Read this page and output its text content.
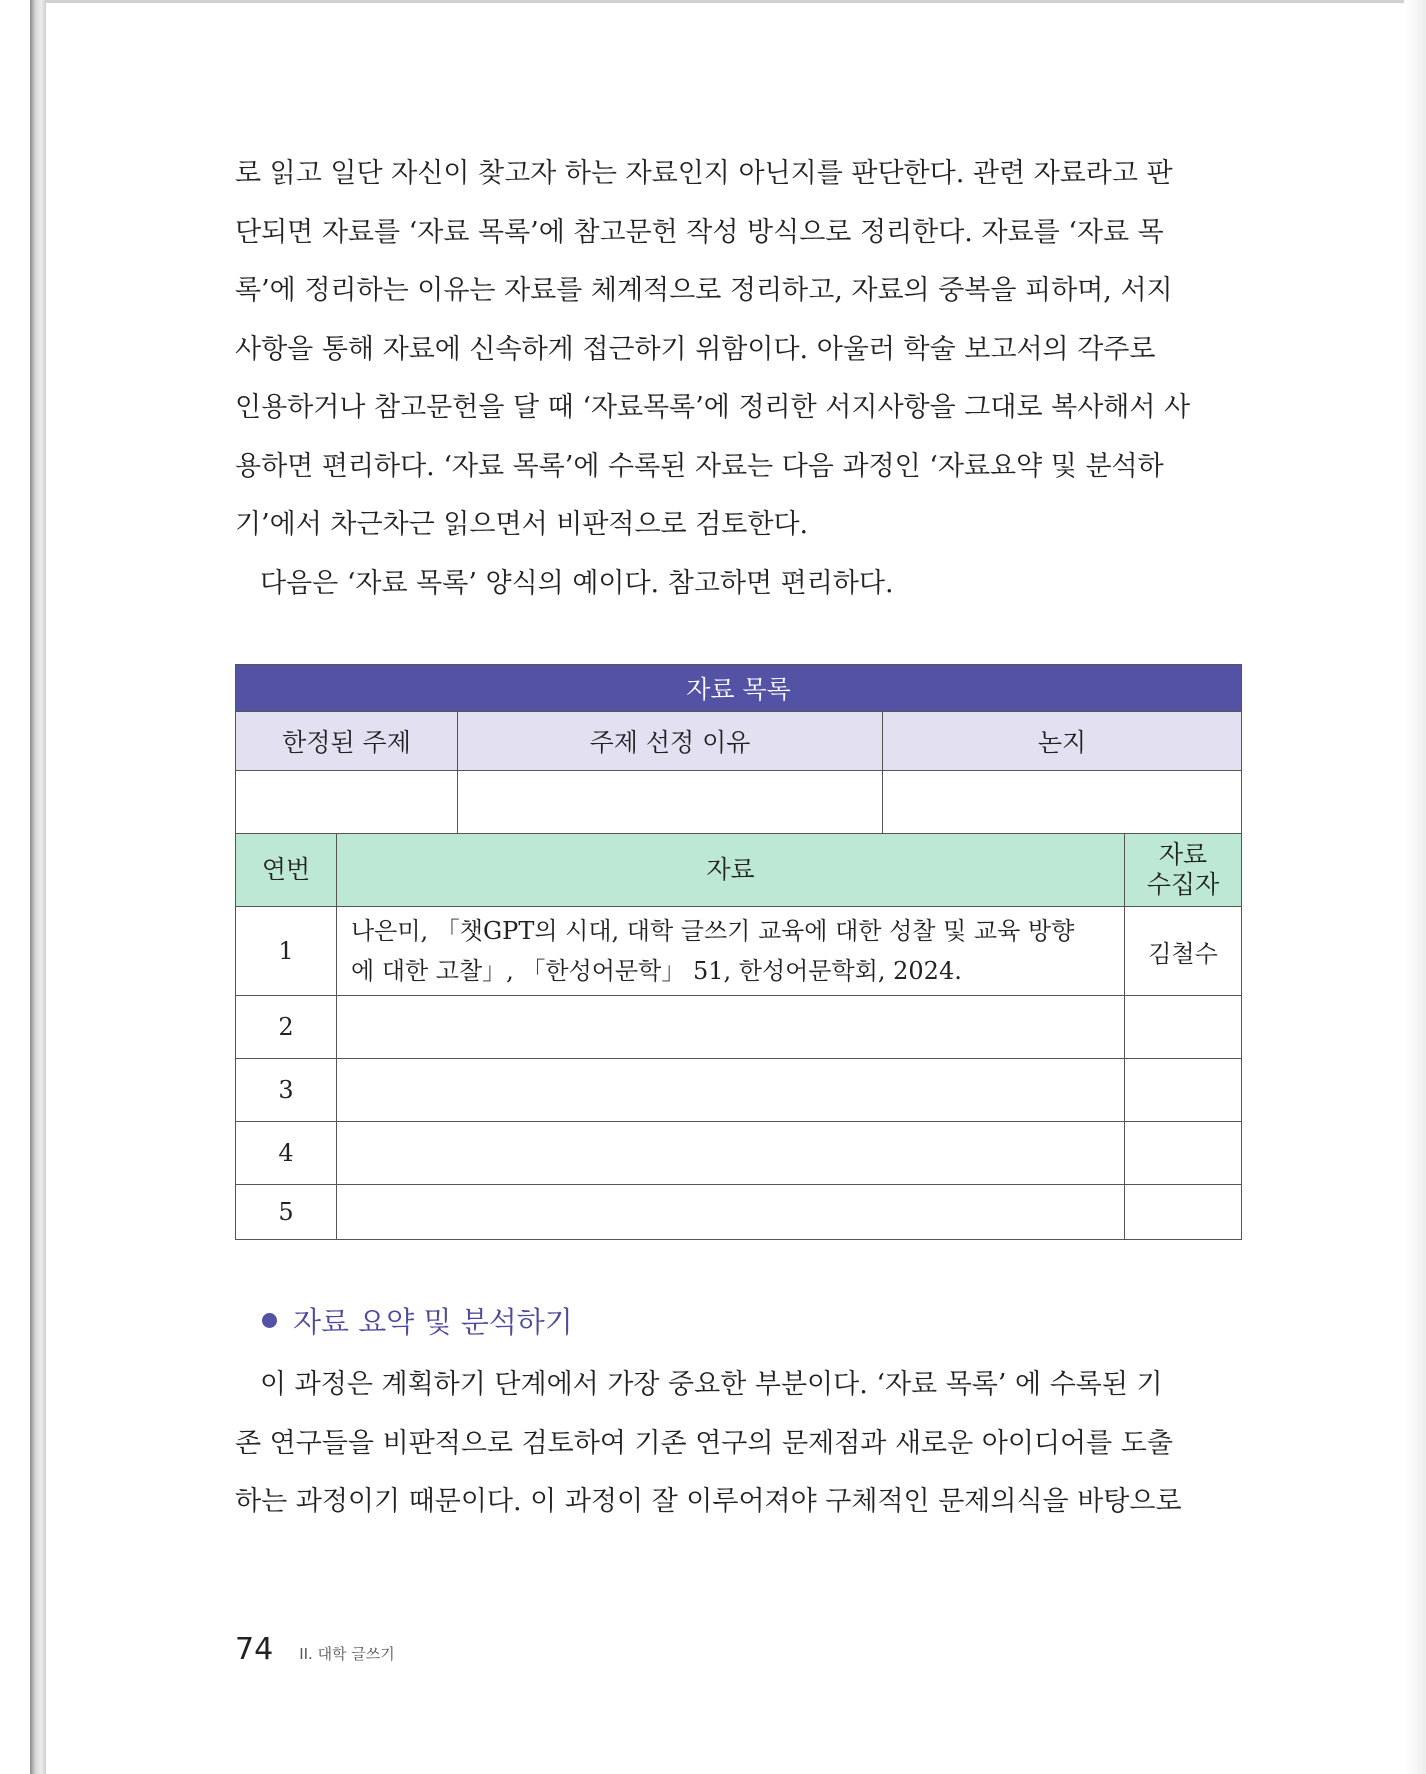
로 읽고 일단 자신이 찾고자 하는 자료인지 아닌지를 판단한다. 관련 자료라고 판
단되면 자료를 ‘자료 목록’에 참고문헌 작성 방식으로 정리한다. 자료를 ‘자료 목
록’에 정리하는 이유는 자료를 체계적으로 정리하고, 자료의 중복을 피하며, 서지
사항을 통해 자료에 신속하게 접근하기 위함이다. 아울러 학술 보고서의 각주로
인용하거나 참고문헌을 달 때 ‘자료목록’에 정리한 서지사항을 그대로 복사해서 사
용하면 편리하다. ‘자료 목록’에 수록된 자료는 다음 과정인 ‘자료요약 및 분석하
기’에서 차근차근 읽으면서 비판적으로 검토한다.
다음은 ‘자료 목록’ 양식의 예이다. 참고하면 편리하다.
자료 목록				
한정된 주제		주제 선정 이유	논지	

연번	자료			자료
수집자

1	나은미, 「챗GPT의 시대, 대학 글쓰기 교육에 대한 성찰 및 교육 방향
에 대한 고찰」, 「한성어문학」 51, 한성어문학회, 2024.			김철수
2				
3				
4				
5				
자료 요약 및 분석하기
이 과정은 계획하기 단계에서 가장 중요한 부분이다. ‘자료 목록’ 에 수록된 기
존 연구들을 비판적으로 검토하여 기존 연구의 문제점과 새로운 아이디어를 도출
하는 과정이기 때문이다. 이 과정이 잘 이루어져야 구체적인 문제의식을 바탕으로
74 II. 대학 글쓰기
